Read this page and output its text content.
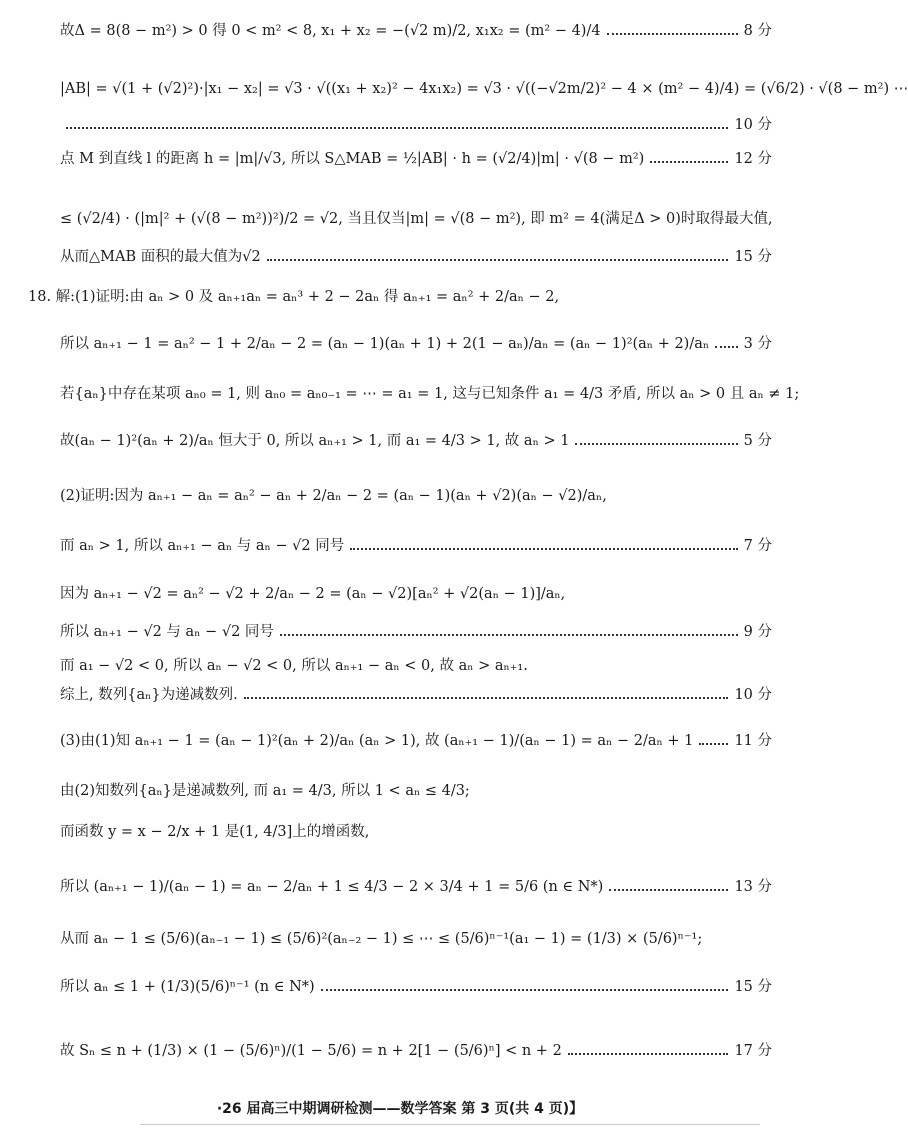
故Δ = 8(8 − m²) > 0 得 0 < m² < 8, x₁ + x₂ = −(√2 m)/2, x₁x₂ = (m² − 4)/4	8 分
|AB| = √(1 + (√2)²)·|x₁ − x₂| = √3 · √((x₁ + x₂)² − 4x₁x₂) = √3 · √((−√2m/2)² − 4 × (m² − 4)/4) = (√6/2) · √(8 − m²) ⋯
10 分
点 M 到直线 l 的距离 h = |m|/√3, 所以 S△MAB = ½|AB| · h = (√2/4)|m| · √(8 − m²)	12 分
≤ (√2/4) · (|m|² + (√(8 − m²))²)/2 = √2, 当且仅当|m| = √(8 − m²), 即 m² = 4(满足Δ > 0)时取得最大值,
从而△MAB 面积的最大值为√2	15 分
18. 解:(1)证明:由 aₙ > 0 及 aₙ₊₁aₙ = aₙ³ + 2 − 2aₙ 得 aₙ₊₁ = aₙ² + 2/aₙ − 2,
所以 aₙ₊₁ − 1 = aₙ² − 1 + 2/aₙ − 2 = (aₙ − 1)(aₙ + 1) + 2(1 − aₙ)/aₙ = (aₙ − 1)²(aₙ + 2)/aₙ 3 分
若{aₙ}中存在某项 aₙ₀ = 1, 则 aₙ₀ = aₙ₀₋₁ = ⋯ = a₁ = 1, 这与已知条件 a₁ = 4/3 矛盾, 所以 aₙ > 0 且 aₙ ≠ 1;
故(aₙ − 1)²(aₙ + 2)/aₙ 恒大于 0, 所以 aₙ₊₁ > 1, 而 a₁ = 4/3 > 1, 故 aₙ > 1	5 分
(2)证明:因为 aₙ₊₁ − aₙ = aₙ² − aₙ + 2/aₙ − 2 = (aₙ − 1)(aₙ + √2)(aₙ − √2)/aₙ,
而 aₙ > 1, 所以 aₙ₊₁ − aₙ 与 aₙ − √2 同号	7 分
因为 aₙ₊₁ − √2 = aₙ² − √2 + 2/aₙ − 2 = (aₙ − √2)[aₙ² + √2(aₙ − 1)]/aₙ,
所以 aₙ₊₁ − √2 与 aₙ − √2 同号	9 分
而 a₁ − √2 < 0, 所以 aₙ − √2 < 0, 所以 aₙ₊₁ − aₙ < 0, 故 aₙ > aₙ₊₁.
综上, 数列{aₙ}为递减数列.	10 分
(3)由(1)知 aₙ₊₁ − 1 = (aₙ − 1)²(aₙ + 2)/aₙ (aₙ > 1), 故 (aₙ₊₁ − 1)/(aₙ − 1) = aₙ − 2/aₙ + 1	11 分
由(2)知数列{aₙ}是递减数列, 而 a₁ = 4/3, 所以 1 < aₙ ≤ 4/3;
而函数 y = x − 2/x + 1 是(1, 4/3]上的增函数,
所以 (aₙ₊₁ − 1)/(aₙ − 1) = aₙ − 2/aₙ + 1 ≤ 4/3 − 2 × 3/4 + 1 = 5/6 (n ∈ N*)	13 分
从而 aₙ − 1 ≤ (5/6)(aₙ₋₁ − 1) ≤ (5/6)²(aₙ₋₂ − 1) ≤ ⋯ ≤ (5/6)ⁿ⁻¹(a₁ − 1) = (1/3) × (5/6)ⁿ⁻¹;
所以 aₙ ≤ 1 + (1/3)(5/6)ⁿ⁻¹ (n ∈ N*)	15 分
故 Sₙ ≤ n + (1/3) × (1 − (5/6)ⁿ)/(1 − 5/6) = n + 2[1 − (5/6)ⁿ] < n + 2	17 分
·26 届高三中期调研检测——数学答案 第 3 页(共 4 页)】
